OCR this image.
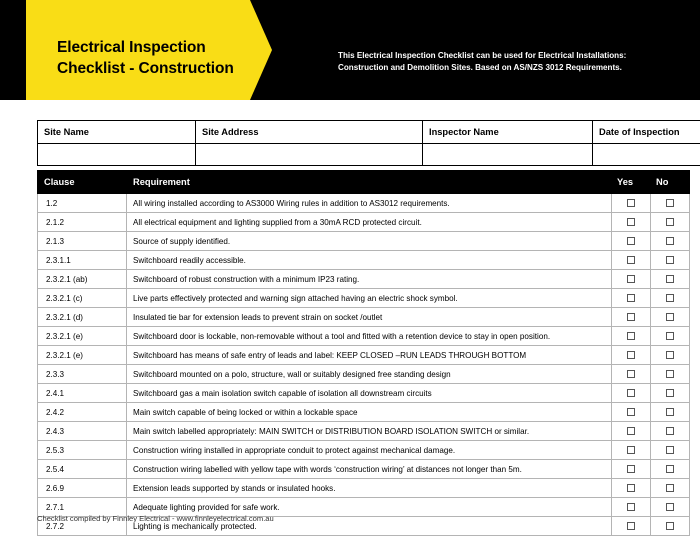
Electrical Inspection
Checklist - Construction
This Electrical Inspection Checklist can be used for Electrical Installations: Construction and Demolition Sites. Based on AS/NZS 3012 Requirements.
Site Name	Site Address	Inspector Name	Date of Inspection

Clause	Requirement	Yes	No
1.2	All wiring installed according to AS3000 Wiring rules in addition to AS3012 requirements.		
2.1.2	All electrical equipment and lighting supplied from a 30mA RCD protected circuit.		
2.1.3	Source of supply identified.		
2.3.1.1	Switchboard readily accessible.		
2.3.2.1 (ab)	Switchboard of robust construction with a minimum IP23 rating.		
2.3.2.1 (c)	Live parts effectively protected and warning sign attached having an electric shock symbol.		
2.3.2.1 (d)	Insulated tie bar for extension leads to prevent strain on socket /outlet		
2.3.2.1 (e)	Switchboard door is lockable, non-removable without a tool and fitted with a retention device to stay in open position.		
2.3.2.1 (e)	Switchboard has means of safe entry of leads and label: KEEP CLOSED –RUN LEADS THROUGH BOTTOM		
2.3.3	Switchboard mounted on a polo, structure, wall or suitably designed free standing design		
2.4.1	Switchboard gas a main isolation switch capable of isolation all downstream circuits		
2.4.2	Main switch capable of being locked or within a lockable space		
2.4.3	Main switch labelled appropriately: MAIN SWITCH or DISTRIBUTION BOARD ISOLATION SWITCH or similar.		
2.5.3	Construction wiring installed in appropriate conduit to protect against mechanical damage.		
2.5.4	Construction wiring labelled with yellow tape with words ‘construction wiring’ at distances not longer than 5m.		
2.6.9	Extension leads supported by stands or insulated hooks.		
2.7.1	Adequate lighting provided for safe work.		
2.7.2	Lighting is mechanically protected.		
Checklist compiled by Finnley Electrical - www.finnleyelectrical.com.au
